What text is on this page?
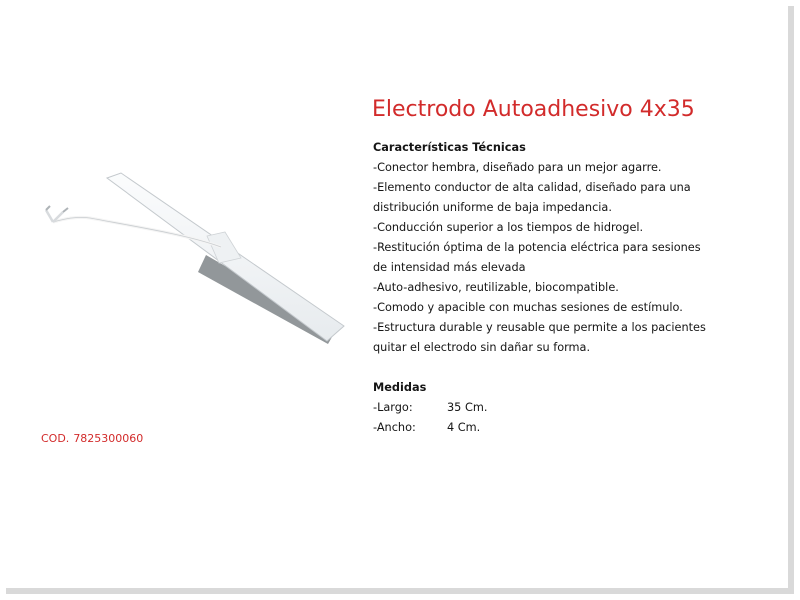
Electrodo Autoadhesivo 4x35
COD. 7825300060
Características Técnicas
-Conector hembra, diseñado para un mejor agarre.
-Elemento conductor de alta calidad, diseñado para una
distribución uniforme de baja impedancia.
-Conducción superior a los tiempos de hidrogel.
-Restitución óptima de la potencia eléctrica para sesiones
de intensidad más elevada
-Auto-adhesivo, reutilizable, biocompatible.
-Comodo y apacible con muchas sesiones de estímulo.
-Estructura durable y reusable que permite a los pacientes
quitar el electrodo sin dañar su forma.
Medidas
-Largo:	35 Cm.
-Ancho:	4 Cm.
